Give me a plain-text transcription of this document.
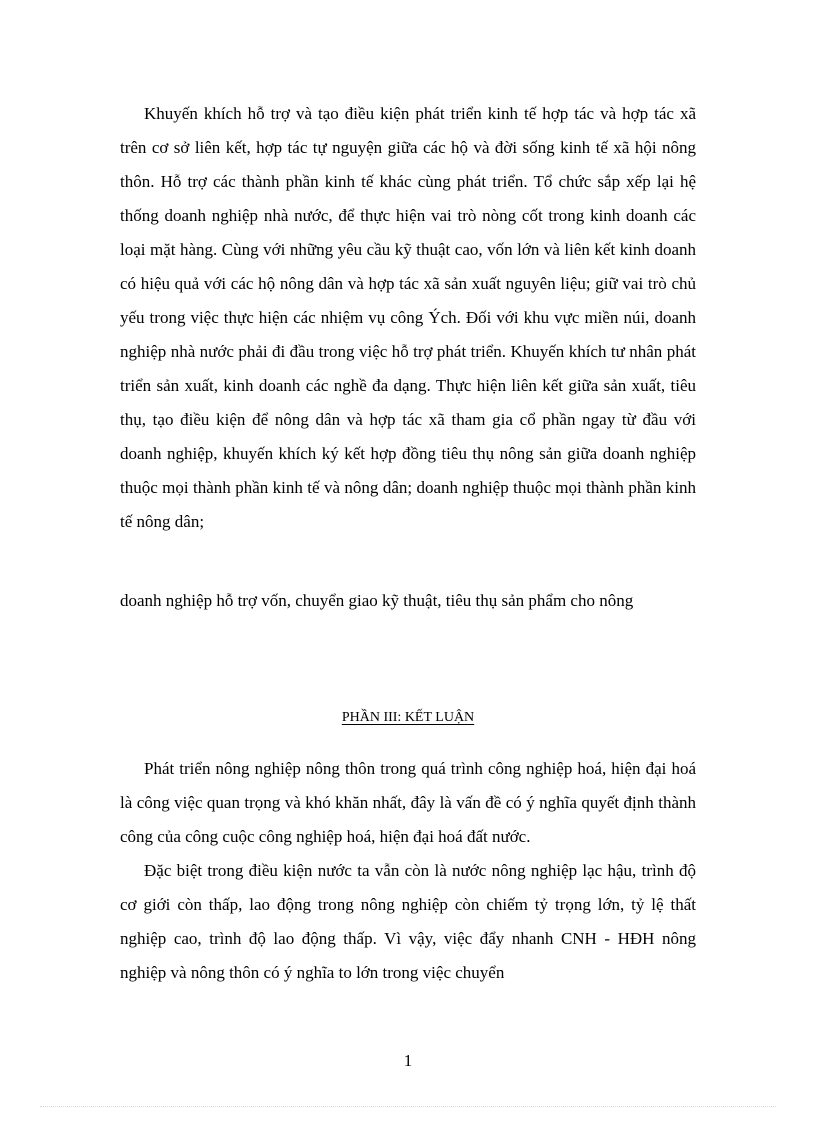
Khuyến khích hỗ trợ và tạo điều kiện phát triển kinh tế hợp tác và hợp tác xã trên cơ sở liên kết, hợp tác tự nguyện giữa các hộ và đời sống kinh tế xã hội nông thôn. Hỗ trợ các thành phần kinh tế khác cùng phát triển. Tổ chức sắp xếp lại hệ thống doanh nghiệp nhà nước, để thực hiện vai trò nòng cốt trong kinh doanh các loại mặt hàng. Cùng với những yêu cầu kỹ thuật cao, vốn lớn và liên kết kinh doanh có hiệu quả với các hộ nông dân và hợp tác xã sản xuất nguyên liệu; giữ vai trò chủ yếu trong việc thực hiện các nhiệm vụ công Ých. Đối với khu vực miền núi, doanh nghiệp nhà nước phải đi đầu trong việc hỗ trợ phát triển. Khuyến khích tư nhân phát triển sản xuất, kinh doanh các nghề đa dạng. Thực hiện liên kết giữa sản xuất, tiêu thụ, tạo điều kiện để nông dân và hợp tác xã tham gia cổ phần ngay từ đầu với doanh nghiệp, khuyến khích ký kết hợp đồng tiêu thụ nông sản giữa doanh nghiệp thuộc mọi thành phần kinh tế và nông dân; doanh nghiệp thuộc mọi thành phần kinh tế nông dân;

doanh nghiệp hỗ trợ vốn, chuyển giao kỹ thuật, tiêu thụ sản phẩm cho nông

PHẦN III: KẾT LUẬN

Phát triển nông nghiệp nông thôn trong quá trình công nghiệp hoá, hiện đại hoá là công việc quan trọng và khó khăn nhất, đây là vấn đề có ý nghĩa quyết định thành công của công cuộc công nghiệp hoá, hiện đại hoá đất nước.

Đặc biệt trong điều kiện nước ta vẫn còn là nước nông nghiệp lạc hậu, trình độ cơ giới còn thấp, lao động trong nông nghiệp còn chiếm tỷ trọng lớn, tỷ lệ thất nghiệp cao, trình độ lao động thấp. Vì vậy, việc đẩy nhanh CNH - HĐH nông nghiệp và nông thôn có ý nghĩa to lớn trong việc chuyển

1
